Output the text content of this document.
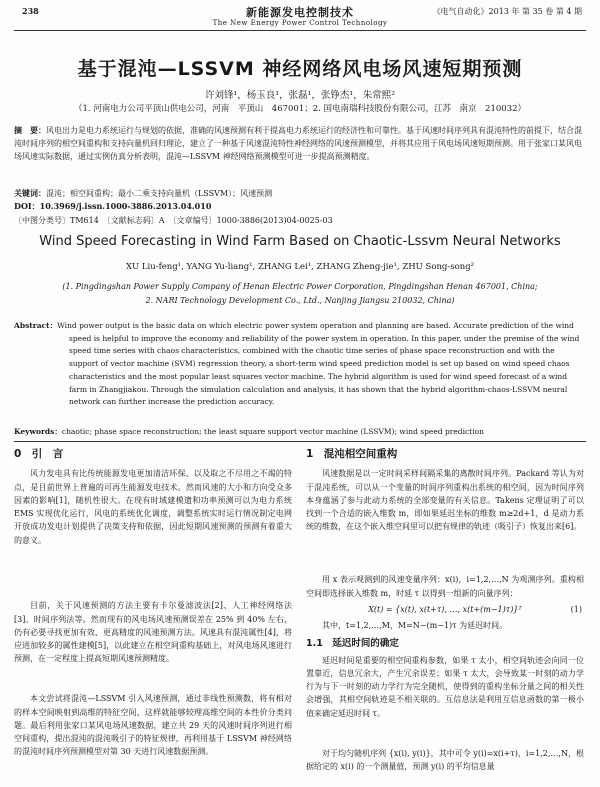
238	新能源发电控制技术
The New Energy Power Control Technology
《电气自动化》2013 年 第 35 卷 第 4 期
基于混沌—LSSVM 神经网络风电场风速短期预测
许刘锋¹，杨玉良¹，张磊¹，张铮杰¹，朱常熙²
（1. 河南电力公司平顶山供电公司，河南　平顶山　467001；2. 国电南瑞科技股份有限公司，江苏　南京　210032）
摘　要：风电出力是电力系统运行与规划的依据，准确的风速预测有利于提高电力系统运行的经济性和可靠性。基于风速时间序列具有混沌特性的前提下，结合混沌时间序列的相空间重构和支持向量机回归理论，建立了一种基于风速混沌特性神经网络的风速预测模型，并将其应用于风电场风速短期预测。用于张家口某风电场风速实际数据，通过实例仿真分析表明，混沌—LSSVM 神经网络预测模型可进一步提高预测精度。
关键词：混沌；相空间重构；最小二乘支持向量机（LSSVM）；风速预测
DOI：10.3969/j.issn.1000-3886.2013.04.010
〔中图分类号〕TM614　〔文献标志码〕A　〔文章编号〕1000-3886(2013)04-0025-03
Wind Speed Forecasting in Wind Farm Based on Chaotic-Lssvm Neural Networks
XU Liu-feng¹, YANG Yu-liang¹, ZHANG Lei¹, ZHANG Zheng-jie¹, ZHU Song-song²
(1. Pingdingshan Power Supply Company of Henan Electric Power Corporation, Pingdingshan Henan 467001, China;
2. NARI Technology Development Co., Ltd., Nanjing Jiangsu 210032, China)
Abstract：Wind power output is the basic data on which electric power system operation and planning are based. Accurate prediction of the wind speed is helpful to improve the economy and reliability of the power system in operation. In this paper, under the premise of the wind speed time series with chaos characteristics, combined with the chaotic time series of phase space reconstruction and with the support of vector machine (SVM) regression theory, a short-term wind speed prediction model is set up based on wind speed chaos characteristics and the most popular least squares vector machine. The hybrid algorithm is used for wind speed forecast of a wind farm in Zhangjiakou. Through the simulation calculation and analysis, it has shown that the hybrid algorithm-chaos-LSSVM neural network can further increase the prediction accuracy.
Keywords：chaotic; phase space reconstruction; the least square support vector machine (LSSVM); wind speed prediction
0　引　言

风力发电具有比传统能源发电更加清洁环保、以及取之不尽用之不竭的特点，是目前世界上普遍的可再生能源发电技术。然而风速的大小和方向受众多因素的影响[1]，随机性很大。在现有时域建模遗和功率预测可以为电力系统 EMS 实现优化运行，风电的系统优化调度，调整系统实时运行情况制定电网开放成功发电计划提供了决策支持和依据，因此短期风速预测的预测有着重大的意义。

目前，关于风速预测的方法主要有卡尔曼滤波法[2]、人工神经网络法[3]、时间序列法等。然而现有的风电场风速预测误差在 25% 到 40% 左右，仍有必要寻找更加有效、更高精度的风速预测方法。风速具有混沌属性[4]，将应进加较多的属性建模[5]，以此建立在相空间重构基础上，对风电场风速进行预测，在一定程度上提高短期风速预测精度。

本文尝试将混沌—LSSVM 引入风速预测，通过非线性预测数，将有相对的样本空间映射到高维的特征空间，这样就能够较理高维空间的本性价分类问题。最后利用张家口某风电场风速数据，建立共 29 天的风速时间序列进行相空间重构，提出混沌的混沌吸引子的特征规律，再利用基于 LSSVM 神经网络的混沌时间序列预测模型对第 30 天进行风速数据预测。

1　混沌相空间重构

风速数据是以一定时间采样间隔采集的离散时间序列。Packard 等认为对于混沌系统，可以从一个变量的时间序列重构出系统的相空间，因为时间序列本身蕴涵了参与此动力系统的全部变量的有关信息。Takens 定理证明了可以找到一个合适的嵌入维数 m，即如果延迟坐标的维数 m≥2d+1，d 是动力系统的维数，在这个嵌入维空间里可以把有规律的轨迹（吸引子）恢复出来[6]。

用 x 表示观测到的风速变量序列：x(i)，i=1,2,…,N 为观测序列。重构相空间即选择嵌入维数 m，时延 τ 以得到一组新的向量序列：

X(t) = {x(t), x(t+τ), …, x(t+(m−1)τ)}ᵀ	(1)

其中，t=1,2,…,M，M=N−(m−1)τ 为延迟时间。

1.1　延迟时间的确定

延迟时间是重要的相空间重构参数，如果 τ 太小，相空间轨迹会向同一位置靠近，信息冗余大，产生冗余误差；如果 τ 太大，会导致某一时刻的动力学行为与下一时刻的动力学行为完全随机，使得到的重构坐标分量之间的相关性会增强，其相空间轨迹是不相关联的。互信息法是利用互信息函数的第一极小值来确定延迟时间 τ。

对于均匀随机序列 {x(i), y(i)}，其中可令 y(i)=x(i+τ)，i=1,2,…,N，根据给定的 x(i) 的一个测量值，预测 y(i) 的平均信息量
